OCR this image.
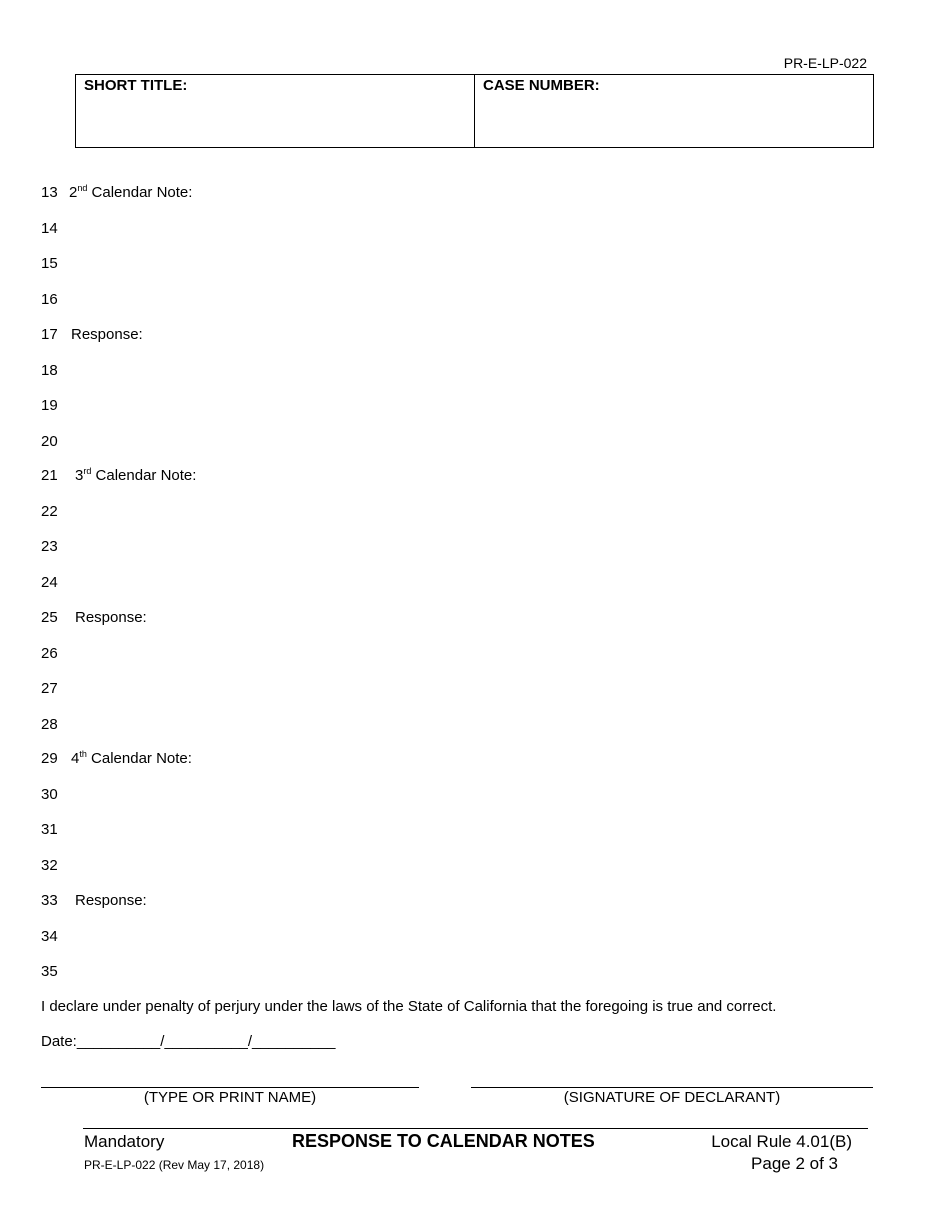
PR-E-LP-022
SHORT TITLE:	CASE NUMBER:
13 2nd Calendar Note:
14
15
16
17 Response:
18
19
20
21 3rd Calendar Note:
22
23
24
25 Response:
26
27
28
29 4th Calendar Note:
30
31
32
33 Response:
34
35
I declare under penalty of perjury under the laws of the State of California that the foregoing is true and correct.
Date:__________/__________/__________
(TYPE OR PRINT NAME)	(SIGNATURE OF DECLARANT)
Mandatory	RESPONSE TO CALENDAR NOTES	Local Rule 4.01(B)
PR-E-LP-022 (Rev May 17, 2018)	Page 2 of 3
